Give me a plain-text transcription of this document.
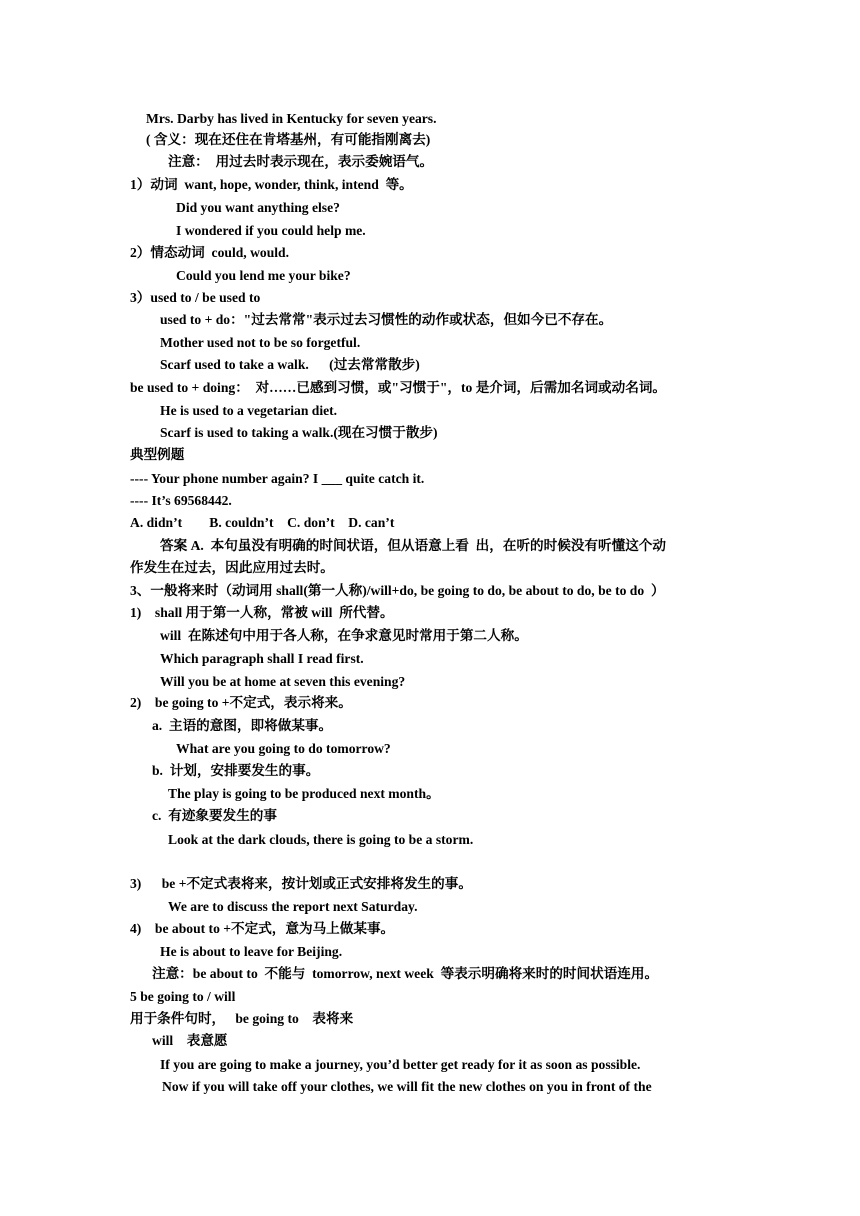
Mrs. Darby has lived in Kentucky for seven years.
( 含义：现在还住在肯塔基州，有可能指刚离去)
注意：  用过去时表示现在，表示委婉语气。
1）动词  want, hope, wonder, think, intend  等。
Did you want anything else?
I wondered if you could help me.
2）情态动词  could, would.
Could you lend me your bike?
3）used to / be used to
used to + do："过去常常"表示过去习惯性的动作或状态，但如今已不存在。
Mother used not to be so forgetful.
Scarf used to take a walk.      (过去常常散步)
be used to + doing：  对……已感到习惯，或"习惯于"，to 是介词，后需加名词或动名词。
He is used to a vegetarian diet.
Scarf is used to taking a walk.(现在习惯于散步)
典型例题
---- Your phone number again? I ___ quite catch it.
---- It’s 69568442.
A. didn’t        B. couldn’t    C. don’t    D. can’t
答案 A.  本句虽没有明确的时间状语，但从语意上看  出，在听的时候没有听懂这个动
作发生在过去，因此应用过去时。
3、一般将来时（动词用 shall(第一人称)/will+do, be going to do, be about to do, be to do  ）
1)    shall 用于第一人称，常被 will  所代替。
will  在陈述句中用于各人称，在争求意见时常用于第二人称。
Which paragraph shall I read first.
Will you be at home at seven this evening?
2)    be going to +不定式，表示将来。
a.  主语的意图，即将做某事。
What are you going to do tomorrow?
b.  计划，安排要发生的事。
The play is going to be produced next month。
c.  有迹象要发生的事
Look at the dark clouds, there is going to be a storm.
3)      be +不定式表将来，按计划或正式安排将发生的事。
We are to discuss the report next Saturday.
4)    be about to +不定式，意为马上做某事。
He is about to leave for Beijing.
注意：be about to  不能与  tomorrow, next week  等表示明确将来时的时间状语连用。
5 be going to / will
用于条件句时，   be going to    表将来
will    表意愿
If you are going to make a journey, you’d better get ready for it as soon as possible.
Now if you will take off your clothes, we will fit the new clothes on you in front of the
